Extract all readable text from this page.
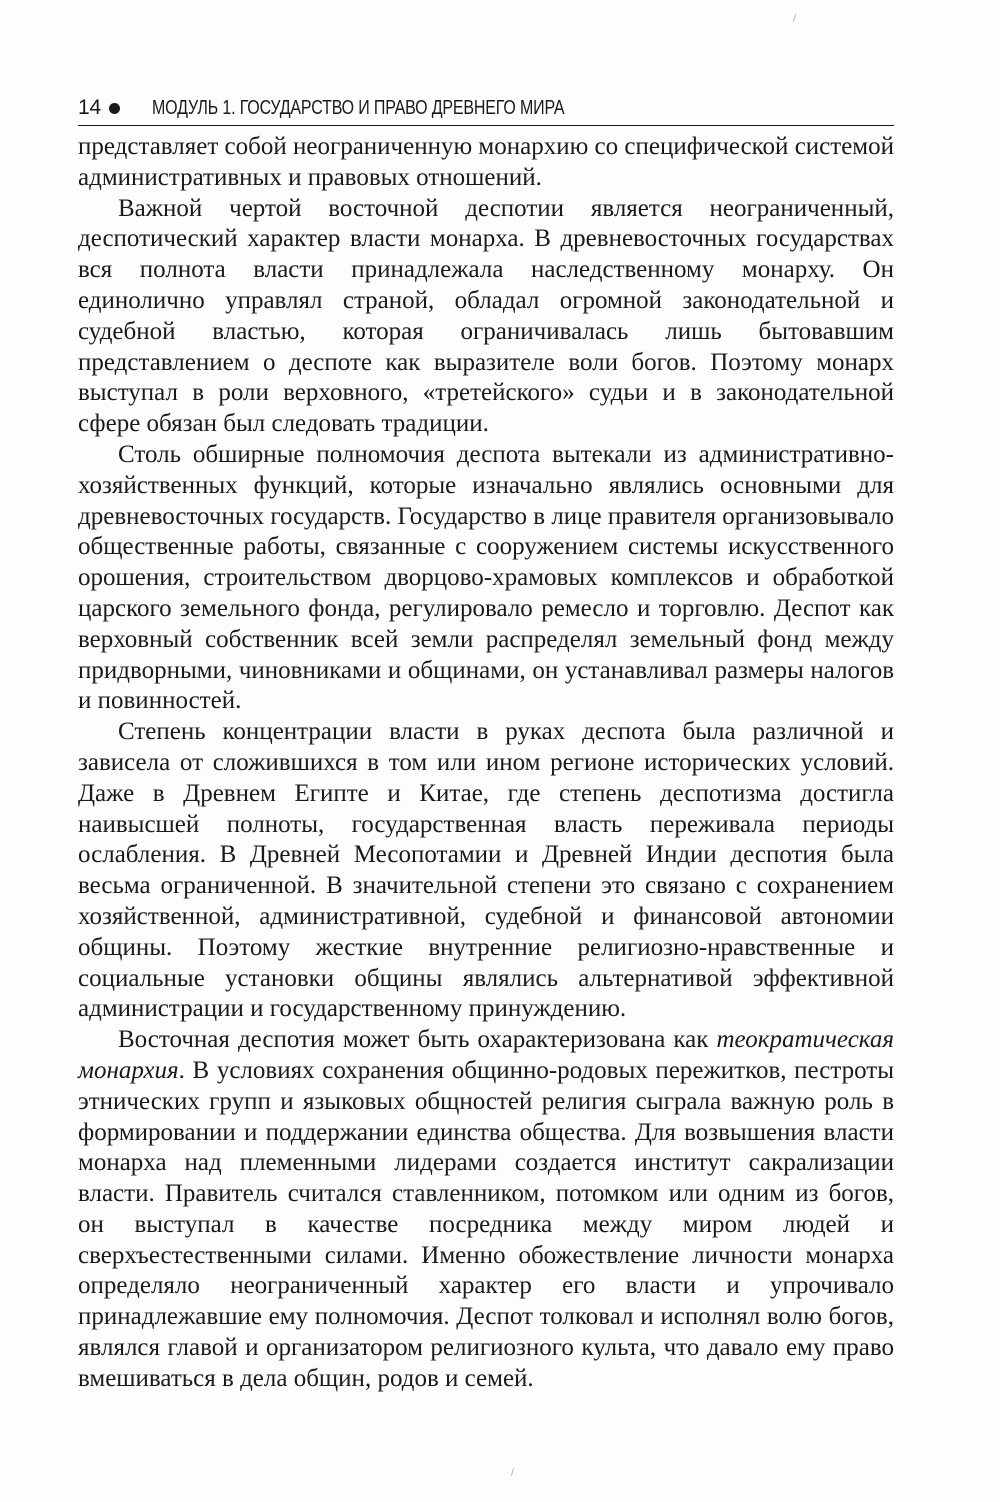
14 МОДУЛЬ 1. ГОСУДАРСТВО И ПРАВО ДРЕВНЕГО МИРА

представляет собой неограниченную монархию со специфической системой административных и правовых отношений.

Важной чертой восточной деспотии является неограниченный, деспотический характер власти монарха. В древневосточных государствах вся полнота власти принадлежала наследственному монарху. Он единолично управлял страной, обладал огромной законодательной и судебной властью, которая ограничивалась лишь бытовавшим представлением о деспоте как выразителе воли богов. Поэтому монарх выступал в роли верховного, «третейского» судьи и в законодательной сфере обязан был следовать традиции.

Столь обширные полномочия деспота вытекали из административно-хозяйственных функций, которые изначально являлись основными для древневосточных государств. Государство в лице правителя организовывало общественные работы, связанные с сооружением системы искусственного орошения, строительством дворцово-храмовых комплексов и обработкой царского земельного фонда, регулировало ремесло и торговлю. Деспот как верховный собственник всей земли распределял земельный фонд между придворными, чиновниками и общинами, он устанавливал размеры налогов и повинностей.

Степень концентрации власти в руках деспота была различной и зависела от сложившихся в том или ином регионе исторических условий. Даже в Древнем Египте и Китае, где степень деспотизма достигла наивысшей полноты, государственная власть переживала периоды ослабления. В Древней Месопотамии и Древней Индии деспотия была весьма ограниченной. В значительной степени это связано с сохранением хозяйственной, административной, судебной и финансовой автономии общины. Поэтому жесткие внутренние религиозно-нравственные и социальные установки общины являлись альтернативой эффективной администрации и государственному принуждению.

Восточная деспотия может быть охарактеризована как теократическая монархия. В условиях сохранения общинно-родовых пережитков, пестроты этнических групп и языковых общностей религия сыграла важную роль в формировании и поддержании единства общества. Для возвышения власти монарха над племенными лидерами создается институт сакрализации власти. Правитель считался ставленником, потомком или одним из богов, он выступал в качестве посредника между миром людей и сверхъестественными силами. Именно обожествление личности монарха определяло неограниченный характер его власти и упрочивало принадлежавшие ему полномочия. Деспот толковал и исполнял волю богов, являлся главой и организатором религиозного культа, что давало ему право вмешиваться в дела общин, родов и семей.
